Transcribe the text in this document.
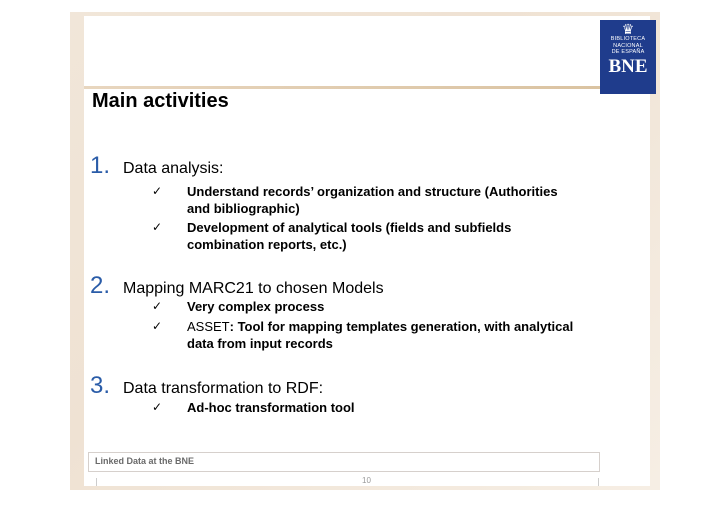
♛
BIBLIOTECA
NACIONAL
DE ESPAÑA
BNE
Main activities
1. Data analysis:
✓ Understand records’ organization and structure (Authorities and bibliographic)
✓ Development of analytical tools (fields and subfields combination reports, etc.)
2. Mapping MARC21 to chosen Models
✓ Very complex process
✓ ASSET: Tool for mapping templates generation, with analytical data from input records
3. Data transformation to RDF:
✓ Ad-hoc transformation tool
Linked Data at the BNE
10
